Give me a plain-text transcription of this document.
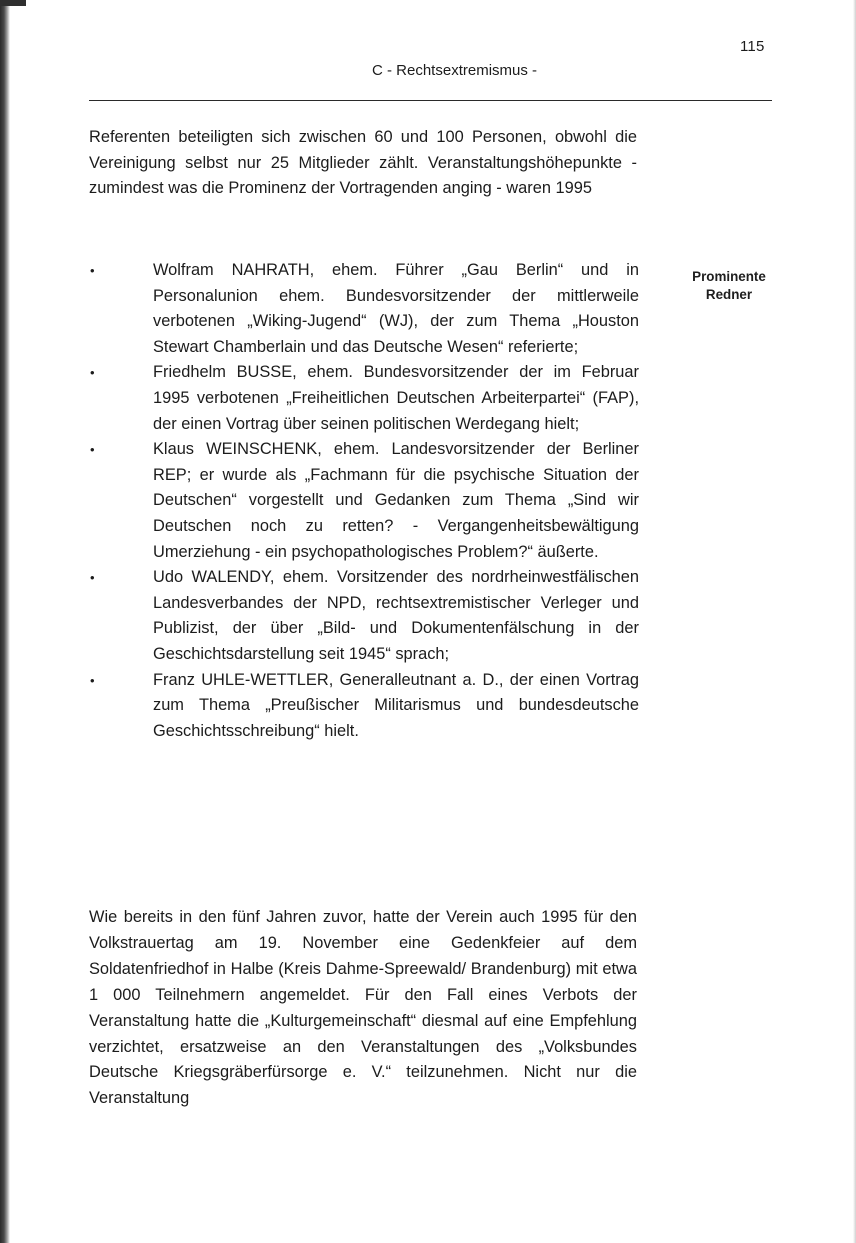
115
C - Rechtsextremismus -

Referenten beteiligten sich zwischen 60 und 100 Personen, obwohl die Vereinigung selbst nur 25 Mitglieder zählt. Veranstaltungshöhepunkte - zumindest was die Prominenz der Vortragenden anging - waren 1995

•	Wolfram NAHRATH, ehem. Führer „Gau Berlin“ und in Personalunion ehem. Bundesvorsitzender der mittlerweile verbotenen „Wiking-Jugend“ (WJ), der zum Thema „Houston Stewart Chamberlain und das Deutsche Wesen“ referierte;
•	Friedhelm BUSSE, ehem. Bundesvorsitzender der im Februar 1995 verbotenen „Freiheitlichen Deutschen Arbeiterpartei“ (FAP), der einen Vortrag über seinen politischen Werdegang hielt;
•	Klaus WEINSCHENK, ehem. Landesvorsitzender der Berliner REP; er wurde als „Fachmann für die psychische Situation der Deutschen“ vorgestellt und Gedanken zum Thema „Sind wir Deutschen noch zu retten? - Vergangenheitsbewältigung Umerziehung - ein psychopathologisches Problem?“ äußerte.
•	Udo WALENDY, ehem. Vorsitzender des nordrheinwestfälischen Landesverbandes der NPD, rechtsextremistischer Verleger und Publizist, der über „Bild- und Dokumentenfälschung in der Geschichtsdarstellung seit 1945“ sprach;
•	Franz UHLE-WETTLER, Generalleutnant a. D., der einen Vortrag zum Thema „Preußischer Militarismus und bundesdeutsche Geschichtsschreibung“ hielt.
Prominente
Redner

Wie bereits in den fünf Jahren zuvor, hatte der Verein auch 1995 für den Volkstrauertag am 19. November eine Gedenkfeier auf dem Soldatenfriedhof in Halbe (Kreis Dahme-Spreewald/ Brandenburg) mit etwa 1 000 Teilnehmern angemeldet. Für den Fall eines Verbots der Veranstaltung hatte die „Kulturgemeinschaft“ diesmal auf eine Empfehlung verzichtet, ersatzweise an den Veranstaltungen des „Volksbundes Deutsche Kriegsgräberfürsorge e. V.“ teilzunehmen. Nicht nur die Veranstaltung
